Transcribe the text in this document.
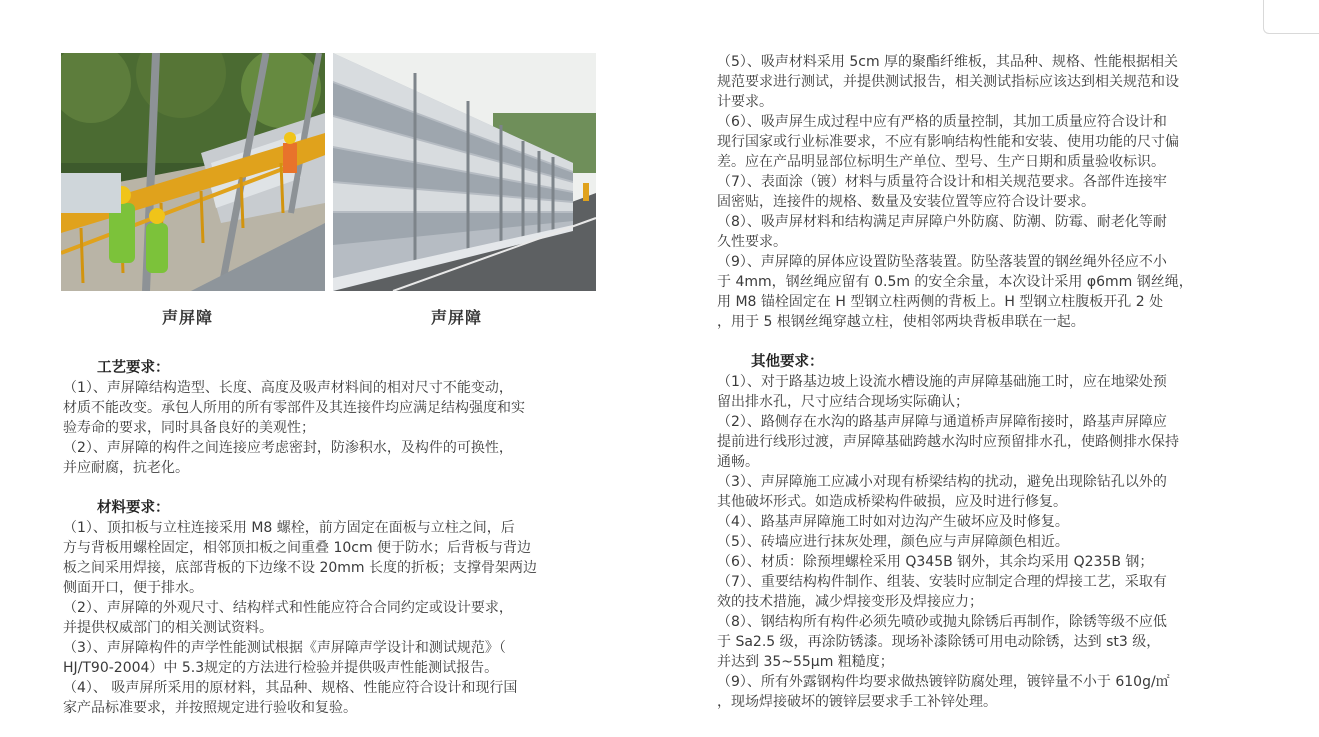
声屏障	声屏障

工艺要求：

（1）、声屏障结构造型、长度、高度及吸声材料间的相对尺寸不能变动，

材质不能改变。承包人所用的所有零部件及其连接件均应满足结构强度和实

验寿命的要求，同时具备良好的美观性；

（2）、声屏障的构件之间连接应考虑密封，防渗积水，及构件的可换性，

并应耐腐，抗老化。

材料要求：

（1）、顶扣板与立柱连接采用 M8 螺栓，前方固定在面板与立柱之间，后

方与背板用螺栓固定，相邻顶扣板之间重叠 10cm 便于防水；后背板与背边

板之间采用焊接，底部背板的下边缘不设 20mm 长度的折板；支撑骨架两边

侧面开口，便于排水。

（2）、声屏障的外观尺寸、结构样式和性能应符合合同约定或设计要求，

并提供权威部门的相关测试资料。

（3）、声屏障构件的声学性能测试根据《声屏障声学设计和测试规范》（

HJ/T90-2004）中 5.3规定的方法进行检验并提供吸声性能测试报告。

（4）、 吸声屏所采用的原材料，其品种、规格、性能应符合设计和现行国

家产品标准要求，并按照规定进行验收和复验。

（5）、吸声材料采用 5cm 厚的聚酯纤维板，其品种、规格、性能根据相关

规范要求进行测试，并提供测试报告，相关测试指标应该达到相关规范和设

计要求。

（6）、吸声屏生成过程中应有严格的质量控制，其加工质量应符合设计和

现行国家或行业标准要求，不应有影响结构性能和安装、使用功能的尺寸偏

差。应在产品明显部位标明生产单位、型号、生产日期和质量验收标识。

（7）、表面涂（镀）材料与质量符合设计和相关规范要求。各部件连接牢

固密贴，连接件的规格、数量及安装位置等应符合设计要求。

（8）、吸声屏材料和结构满足声屏障户外防腐、防潮、防霉、耐老化等耐

久性要求。

（9）、声屏障的屏体应设置防坠落装置。防坠落装置的钢丝绳外径应不小

于 4mm，钢丝绳应留有 0.5m 的安全余量，本次设计采用 φ6mm 钢丝绳，

用 M8 锚栓固定在 H 型钢立柱两侧的背板上。H 型钢立柱腹板开孔 2 处

，用于 5 根钢丝绳穿越立柱，使相邻两块背板串联在一起。

其他要求：

（1）、对于路基边坡上设流水槽设施的声屏障基础施工时，应在地梁处预

留出排水孔，尺寸应结合现场实际确认；

（2）、路侧存在水沟的路基声屏障与通道桥声屏障衔接时，路基声屏障应

提前进行线形过渡，声屏障基础跨越水沟时应预留排水孔，使路侧排水保持

通畅。

（3）、声屏障施工应减小对现有桥梁结构的扰动，避免出现除钻孔以外的

其他破坏形式。如造成桥梁构件破损，应及时进行修复。

（4）、路基声屏障施工时如对边沟产生破坏应及时修复。

（5）、砖墙应进行抹灰处理，颜色应与声屏障颜色相近。

（6）、材质：除预埋螺栓采用 Q345B 钢外，其余均采用 Q235B 钢；

（7）、重要结构构件制作、组装、安装时应制定合理的焊接工艺，采取有

效的技术措施，减少焊接变形及焊接应力；

（8）、钢结构所有构件必须先喷砂或抛丸除锈后再制作，除锈等级不应低

于 Sa2.5 级，再涂防锈漆。现场补漆除锈可用电动除锈，达到 st3 级，

并达到 35~55μm 粗糙度；

（9）、所有外露钢构件均要求做热镀锌防腐处理，镀锌量不小于 610g/㎡

，现场焊接破坏的镀锌层要求手工补锌处理。
